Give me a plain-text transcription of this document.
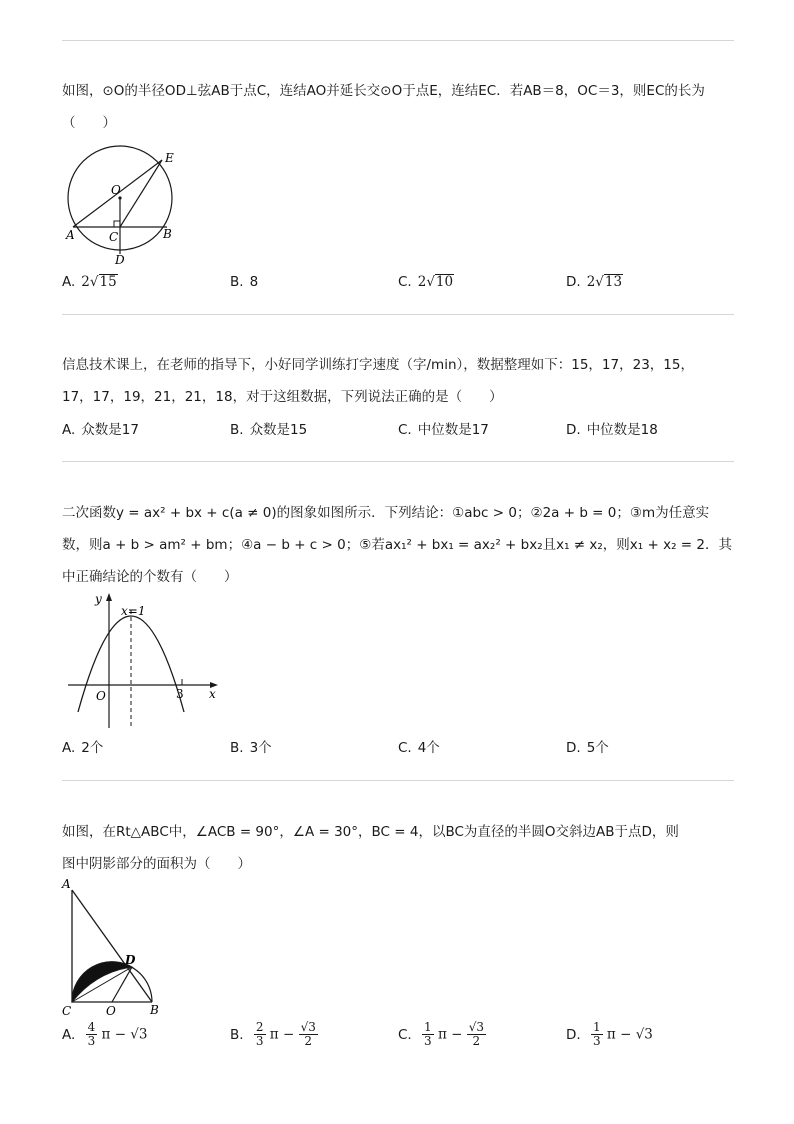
如图，⊙O的半径OD⊥弦AB于点C，连结AO并延长交⊙O于点E，连结EC．若AB＝8，OC＝3，则EC的长为
（　　）
E
O
A	C	B
D
A. 2√15	B. 8	C. 2√10	D. 2√13
信息技术课上，在老师的指导下，小好同学训练打字速度（字/min），数据整理如下：15，17，23，15，
17，17，19，21，21，18，对于这组数据，下列说法正确的是（　　）
A. 众数是17	B. 众数是15	C. 中位数是17	D. 中位数是18
二次函数y = ax² + bx + c(a ≠ 0)的图象如图所示．下列结论：①abc > 0；②2a + b = 0；③m为任意实
数，则a + b > am² + bm；④a − b + c > 0；⑤若ax₁² + bx₁ = ax₂² + bx₂且x₁ ≠ x₂，则x₁ + x₂ = 2．其
中正确结论的个数有（　　）
y
x=1
O	3 x
A. 2个	B. 3个	C. 4个	D. 5个
如图，在Rt△ABC中，∠ACB = 90°，∠A = 30°，BC = 4，以BC为直径的半圆O交斜边AB于点D，则
图中阴影部分的面积为（　　）
A
D
C	O	B
A. $\frac{4}{3}$ π − √3	B. $\frac{2}{3}$ $\pi - \frac{√3}{2}$	C. $\frac{1}{3}$ $\pi - \frac{√3}{2}$	D. $\frac{1}{3}$ π − √3
